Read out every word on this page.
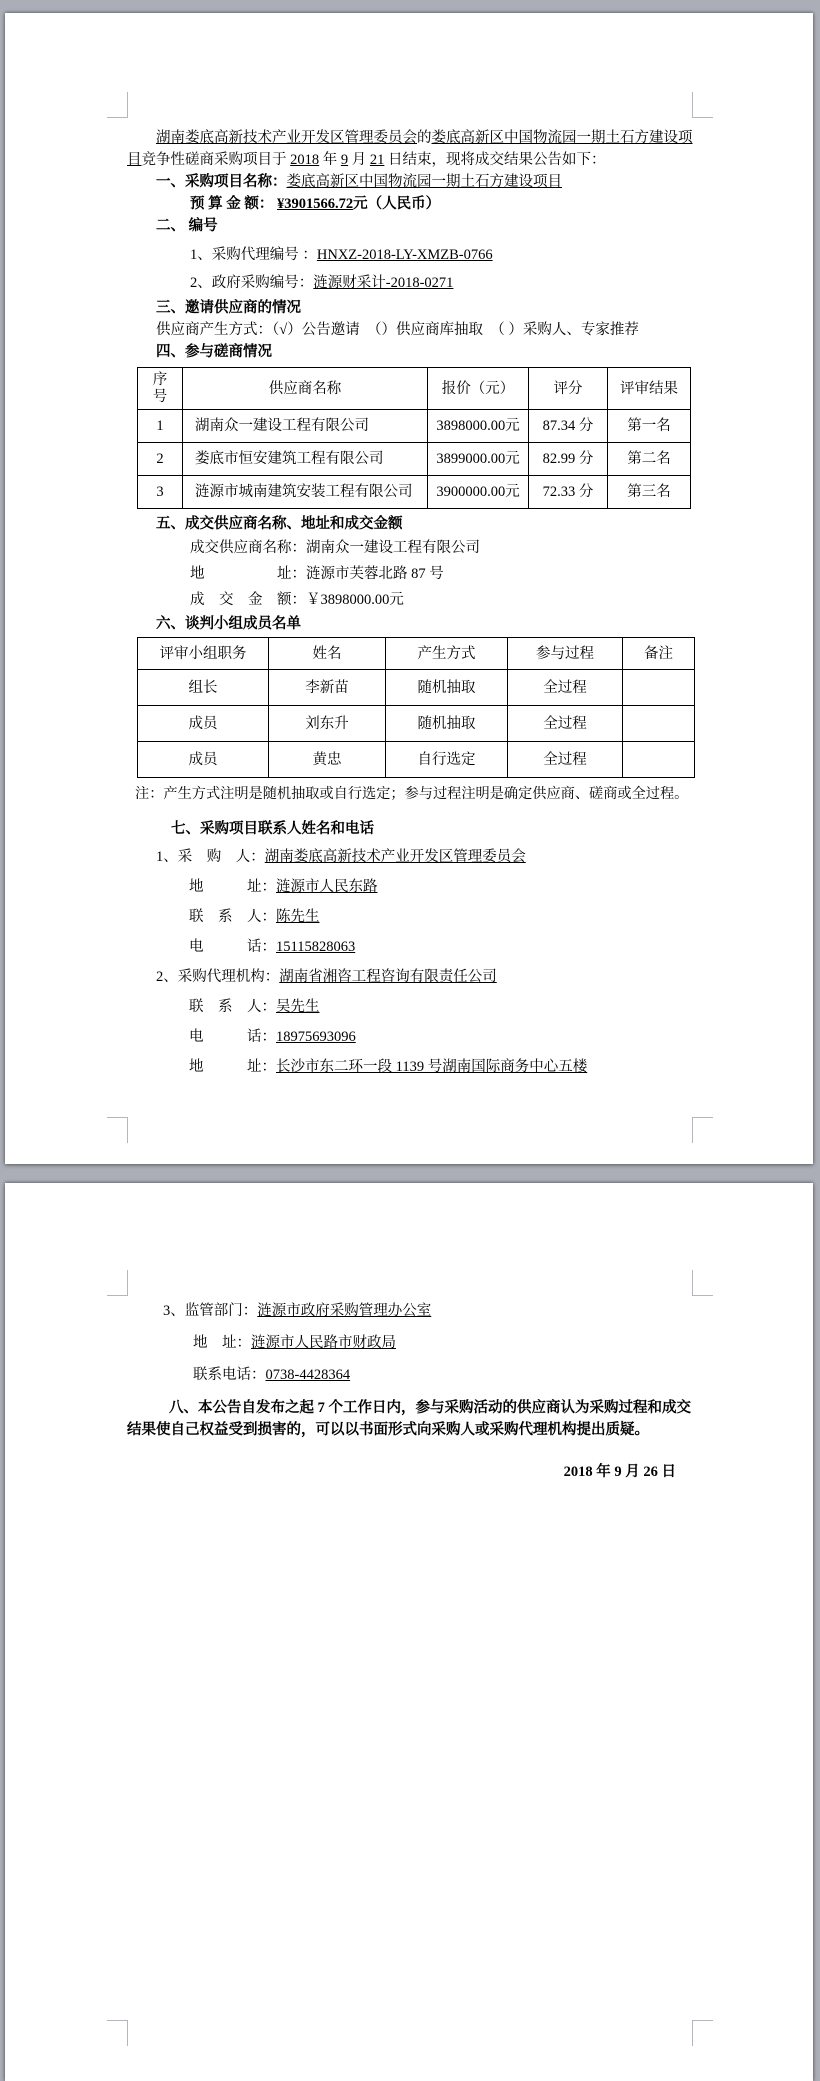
湖南娄底高新技术产业开发区管理委员会的娄底高新区中国物流园一期土石方建设项
目竞争性磋商采购项目于 2018 年 9 月 21 日结束，现将成交结果公告如下：
一、采购项目名称：娄底高新区中国物流园一期土石方建设项目
预 算 金 额： ¥3901566.72元（人民币）
二、 编号
1、采购代理编号 ：HNXZ-2018-LY-XMZB-0766
2、政府采购编号：涟源财采计-2018-0271
三、邀请供应商的情况
供应商产生方式：（√）公告邀请　（）供应商库抽取　（ ）采购人、专家推荐
四、参与磋商情况
序号	供应商名称	报价（元）	评分	评审结果
1	湖南众一建设工程有限公司	3898000.00元	87.34 分	第一名
2	娄底市恒安建筑工程有限公司	3899000.00元	82.99 分	第二名
3	涟源市城南建筑安装工程有限公司	3900000.00元	72.33 分	第三名
五、成交供应商名称、地址和成交金额
成交供应商名称：湖南众一建设工程有限公司
地　　　　　址：涟源市芙蓉北路 87 号
成　交　金　额：￥3898000.00元
六、谈判小组成员名单
评审小组职务	姓名	产生方式	参与过程	备注
组长	李新苗	随机抽取	全过程	
成员	刘东升	随机抽取	全过程	
成员	黄忠	自行选定	全过程	
注：产生方式注明是随机抽取或自行选定；参与过程注明是确定供应商、磋商或全过程。
七、采购项目联系人姓名和电话
1、采　购　人：湖南娄底高新技术产业开发区管理委员会
地　　　址：涟源市人民东路
联　系　人：陈先生
电　　　话：15115828063
2、采购代理机构：湖南省湘咨工程咨询有限责任公司
联　系　人：吴先生
电　　　话：18975693096
地　　　址：长沙市东二环一段 1139 号湖南国际商务中心五楼
3、监管部门：涟源市政府采购管理办公室
地　址：涟源市人民路市财政局
联系电话：0738-4428364
八、本公告自发布之起 7 个工作日内，参与采购活动的供应商认为采购过程和成交
结果使自己权益受到损害的，可以以书面形式向采购人或采购代理机构提出质疑。
2018 年 9 月 26 日
